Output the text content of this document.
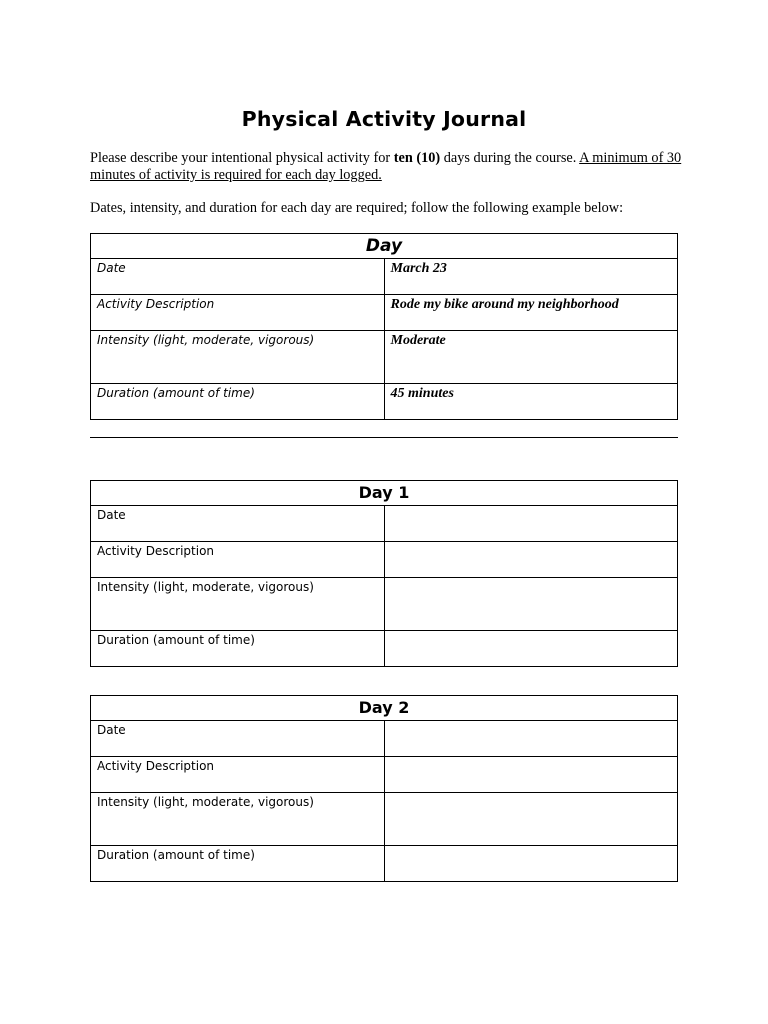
Physical Activity Journal
Please describe your intentional physical activity for ten (10) days during the course. A minimum of 30 minutes of activity is required for each day logged.
Dates, intensity, and duration for each day are required; follow the following example below:
Day	
Date	March 23
Activity Description	Rode my bike around my neighborhood
Intensity (light, moderate, vigorous)	Moderate
Duration (amount of time)	45 minutes
Day 1	
Date	
Activity Description	
Intensity (light, moderate, vigorous)	
Duration (amount of time)	
Day 2	
Date	
Activity Description	
Intensity (light, moderate, vigorous)	
Duration (amount of time)	
